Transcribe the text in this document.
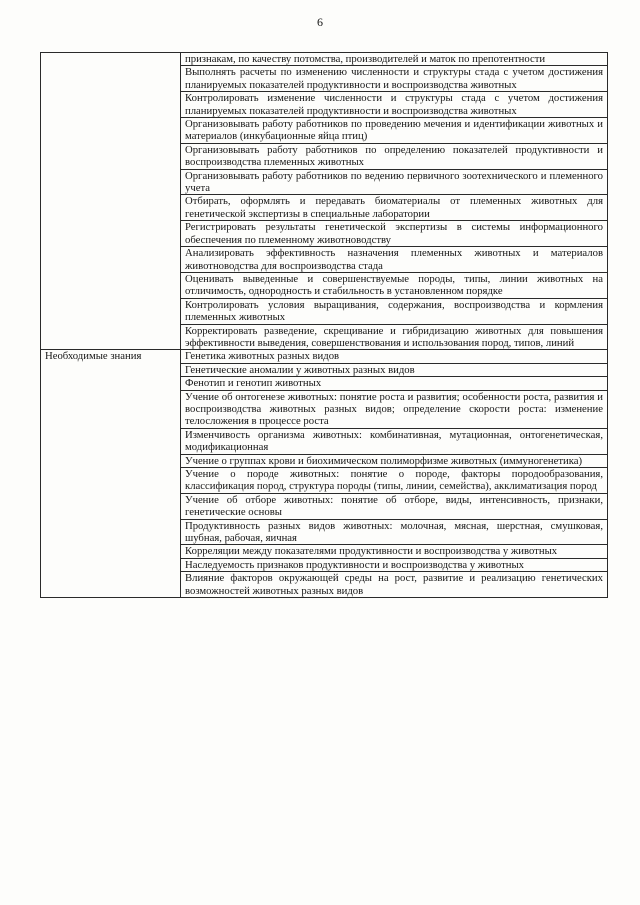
6

	признакам, по качеству потомства, производителей и маток по препотентности

	Выполнять расчеты по изменению численности и структуры стада с учетом достижения планируемых показателей продуктивности и воспроизводства животных

	Контролировать изменение численности и структуры стада с учетом достижения планируемых показателей продуктивности и воспроизводства животных

	Организовывать работу работников по проведению мечения и идентификации животных и материалов (инкубационные яйца птиц)

	Организовывать работу работников по определению показателей продуктивности и воспроизводства племенных животных

	Организовывать работу работников по ведению первичного зоотехнического и племенного учета

	Отбирать, оформлять и передавать биоматериалы от племенных животных для генетической экспертизы в специальные лаборатории

	Регистрировать результаты генетической экспертизы в системы информационного обеспечения по племенному животноводству

	Анализировать эффективность назначения племенных животных и материалов животноводства для воспроизводства стада

	Оценивать выведенные и совершенствуемые породы, типы, линии животных на отличимость, однородность и стабильность в установленном порядке

	Контролировать условия выращивания, содержания, воспроизводства и кормления племенных животных

	Корректировать разведение, скрещивание и гибридизацию животных для повышения эффективности выведения, совершенствования и использования пород, типов, линий

Необходимые знания	Генетика животных разных видов

	Генетические аномалии у животных разных видов

	Фенотип и генотип животных

	Учение об онтогенезе животных: понятие роста и развития; особенности роста, развития и воспроизводства животных разных видов; определение скорости роста: изменение телосложения в процессе роста

	Изменчивость организма животных: комбинативная, мутационная, онтогенетическая, модификационная

	Учение о группах крови и биохимическом полиморфизме животных (иммуногенетика)

	Учение о породе животных: понятие о породе, факторы породообразования, классификация пород, структура породы (типы, линии, семейства), акклиматизация пород

	Учение об отборе животных: понятие об отборе, виды, интенсивность, признаки, генетические основы

	Продуктивность разных видов животных: молочная, мясная, шерстная, смушковая, шубная, рабочая, яичная

	Корреляции между показателями продуктивности и воспроизводства у животных

	Наследуемость признаков продуктивности и воспроизводства у животных

	Влияние факторов окружающей среды на рост, развитие и реализацию генетических возможностей животных разных видов
